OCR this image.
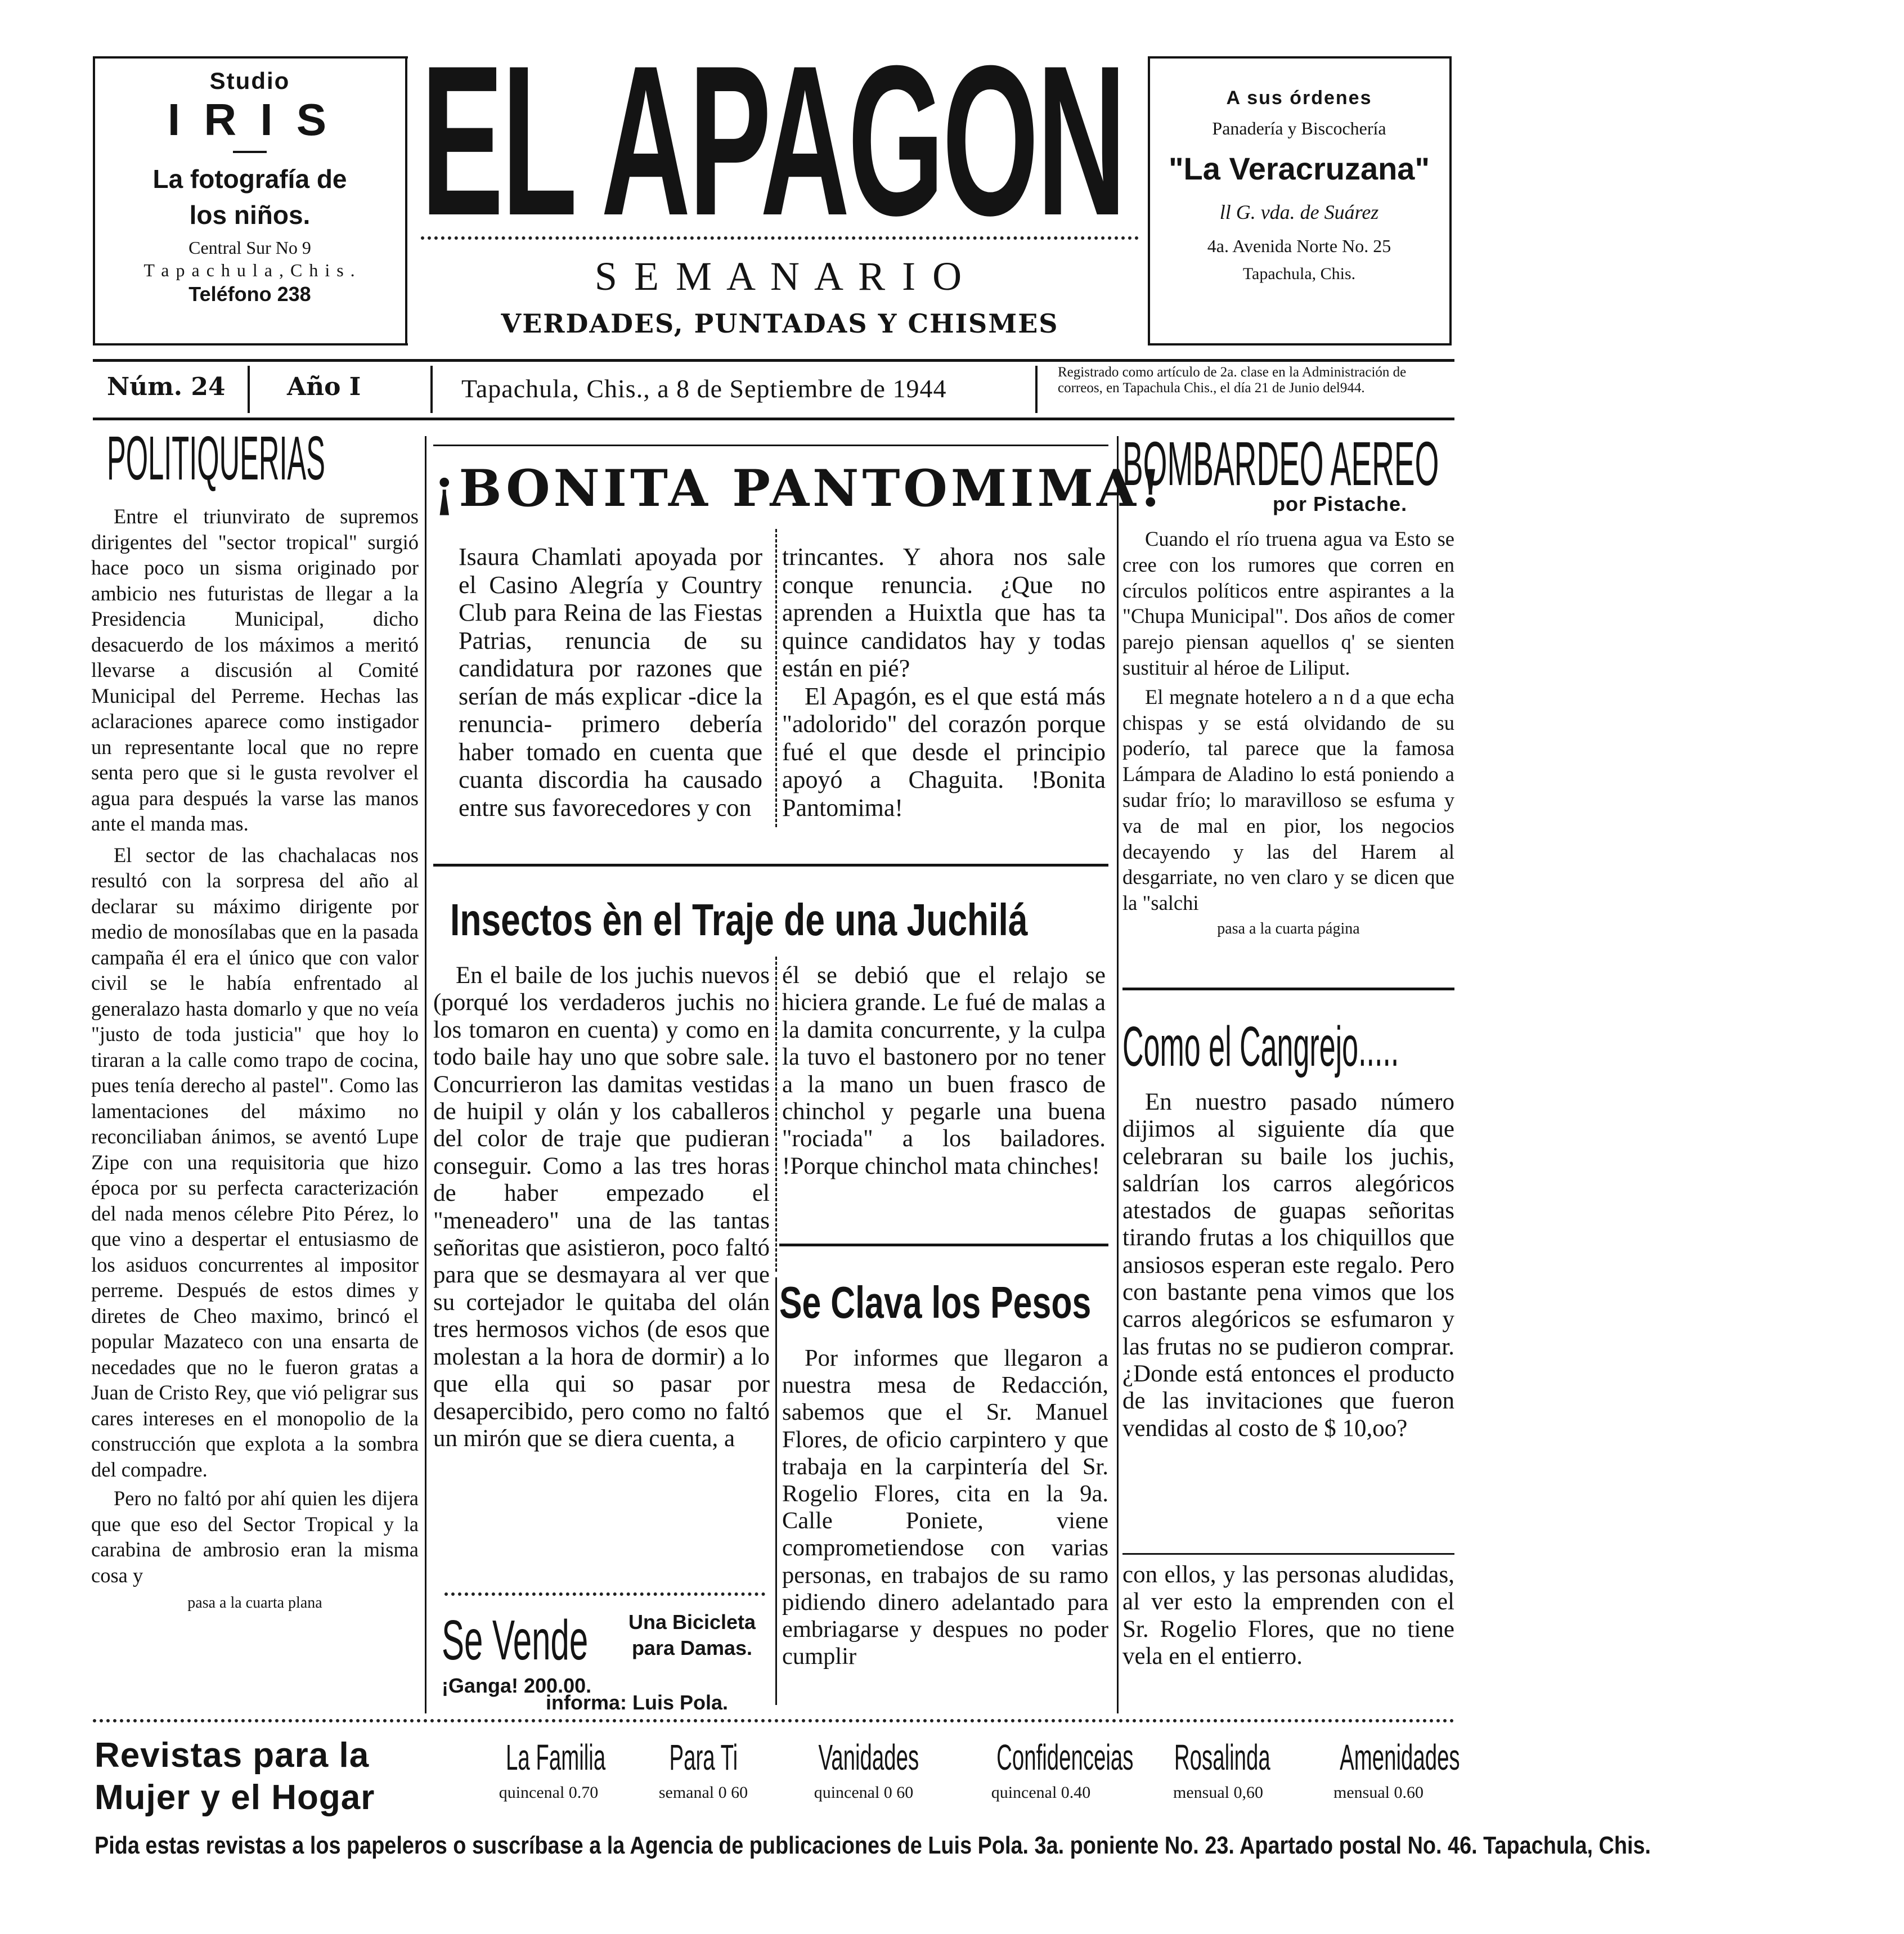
Studio
I R I S
La fotografía de
los niños.
Central Sur No 9
T a p a c h u l a , C h i s .
Teléfono 238
EL APAGON
S E M A N A R I O
VERDADES, PUNTADAS Y CHISMES
A sus órdenes
Panadería y Biscochería
"La Veracruzana"
ll G. vda. de Suárez
4a. Avenida Norte No. 25
Tapachula, Chis.
Núm. 24 Año I	Tapachula, Chis., a 8 de Septiembre de 1944
Registrado como artículo de 2a. clase en la Administración de correos, en Tapachula Chis., el día 21 de Junio del944.
POLITIQUERIAS

Entre el triunvirato de supremos dirigentes del "sector tropical" surgió hace poco un sisma originado por ambicio nes futuristas de llegar a la Presidencia Municipal, dicho desacuerdo de los máximos a meritó llevarse a discusión al Comité Municipal del Perreme. Hechas las aclaraciones aparece como instigador un representante local que no repre senta pero que si le gusta revolver el agua para después la varse las manos ante el manda mas.

El sector de las chachalacas nos resultó con la sorpresa del año al declarar su máximo dirigente por medio de monosílabas que en la pasada campaña él era el único que con valor civil se le había enfrentado al generalazo hasta domarlo y que no veía "justo de toda justicia" que hoy lo tiraran a la calle como trapo de cocina, pues tenía derecho al pastel". Como las lamentaciones del máximo no reconciliaban ánimos, se aventó Lupe Zipe con una requisitoria que hizo época por su perfecta caracterización del nada menos célebre Pito Pérez, lo que vino a despertar el entusiasmo de los asiduos concurrentes al impositor perreme. Después de estos dimes y diretes de Cheo maximo, brincó el popular Mazateco con una ensarta de necedades que no le fueron gratas a Juan de Cristo Rey, que vió peligrar sus cares intereses en el monopolio de la construcción que explota a la sombra del compadre.

Pero no faltó por ahí quien les dijera que que eso del Sector Tropical y la carabina de ambrosio eran la misma cosa y

pasa a la cuarta plana

¡BONITA PANTOMIMA!
Isaura Chamlati apoyada por el Casino Alegría y Country Club para Reina de las Fiestas Patrias, renuncia de su candidatura por razones que serían de más explicar -dice la renuncia- primero debería haber tomado en cuenta que cuanta discordia ha causado entre sus favorecedores y con

trincantes. Y ahora nos sale conque renuncia. ¿Que no aprenden a Huixtla que has ta quince candidatos hay y todas están en pié?

El Apagón, es el que está más "adolorido" del corazón porque fué el que desde el principio apoyó a Chaguita. !Bonita Pantomima!

Insectos èn el Traje de una Juchilá
En el baile de los juchis nuevos (porqué los verdaderos juchis no los tomaron en cuenta) y como en todo baile hay uno que sobre sale. Concurrieron las damitas vestidas de huipil y olán y los caballeros del color de traje que pudieran conseguir. Como a las tres horas de haber empezado el "meneadero" una de las tantas señoritas que asistieron, poco faltó para que se desmayara al ver que su cortejador le quitaba del olán tres hermosos vichos (de esos que molestan a la hora de dormir) a lo que ella qui so pasar por desapercibido, pero como no faltó un mirón que se diera cuenta, a
él se debió que el relajo se hiciera grande. Le fué de malas a la damita concurrente, y la culpa la tuvo el bastonero por no tener a la mano un buen frasco de chinchol y pegarle una buena "rociada" a los bailadores. !Porque chinchol mata chinches!
Se Vende	Una Bicicleta para Damas.
¡Ganga! 200.00.
informa: Luis Pola.
Se Clava los Pesos
Por informes que llegaron a nuestra mesa de Redacción, sabemos que el Sr. Manuel Flores, de oficio carpintero y que trabaja en la carpintería del Sr. Rogelio Flores, cita en la 9a. Calle Poniete, viene comprometiendose con varias personas, en trabajos de su ramo pidiendo dinero adelantado para embriagarse y despues no poder cumplir
BOMBARDEO AEREO
por Pistache.

Cuando el río truena agua va Esto se cree con los rumores que corren en círculos políticos entre aspirantes a la "Chupa Municipal". Dos años de comer parejo piensan aquellos q' se sienten sustituir al héroe de Liliput.

El megnate hotelero a n d a que echa chispas y se está olvidando de su poderío, tal parece que la famosa Lámpara de Aladino lo está poniendo a sudar frío; lo maravilloso se esfuma y va de mal en pior, los negocios decayendo y las del Harem al desgarriate, no ven claro y se dicen que la "salchi

pasa a la cuarta página

Como el Cangrejo.....
En nuestro pasado número dijimos al siguiente día que celebraran su baile los juchis, saldrían los carros alegóricos atestados de guapas señoritas tirando frutas a los chiquillos que ansiosos esperan este regalo. Pero con bastante pena vimos que los carros alegóricos se esfumaron y las frutas no se pudieron comprar. ¿Donde está entonces el producto de las invitaciones que fueron vendidas al costo de $ 10,oo?
con ellos, y las personas aludidas, al ver esto la emprenden con el Sr. Rogelio Flores, que no tiene vela en el entierro.
Revistas para la
Mujer y el Hogar
La Familia
quincenal 0.70
Para Ti
semanal 0 60
Vanidades
quincenal 0 60
Confidenceias
quincenal 0.40
Rosalinda
mensual 0,60
Amenidades
mensual 0.60
Pida estas revistas a los papeleros o suscríbase a la Agencia de publicaciones de Luis Pola. 3a. poniente No. 23. Apartado postal No. 46. Tapachula, Chis.
